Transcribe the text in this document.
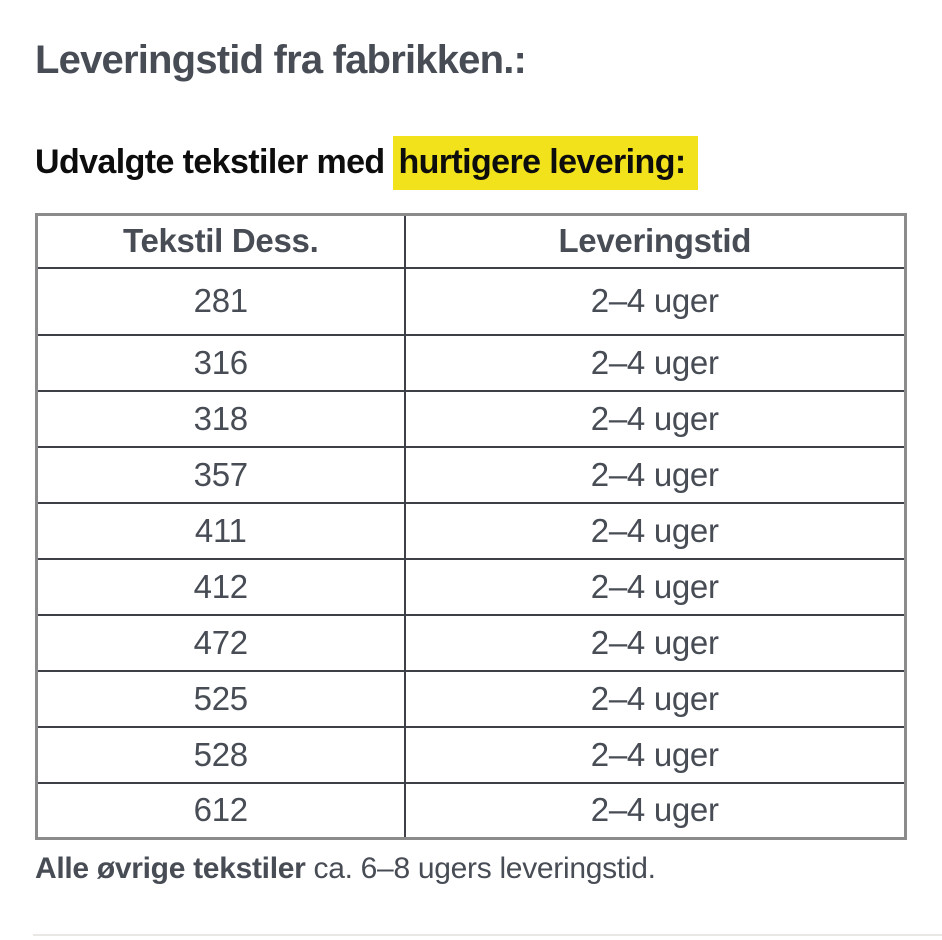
Leveringstid fra fabrikken.:

Udvalgte tekstiler med hurtigere levering:

Tekstil Dess.	Leveringstid
281	2–4 uger
316	2–4 uger
318	2–4 uger
357	2–4 uger
411	2–4 uger
412	2–4 uger
472	2–4 uger
525	2–4 uger
528	2–4 uger
612	2–4 uger

Alle øvrige tekstiler ca. 6–8 ugers leveringstid.
